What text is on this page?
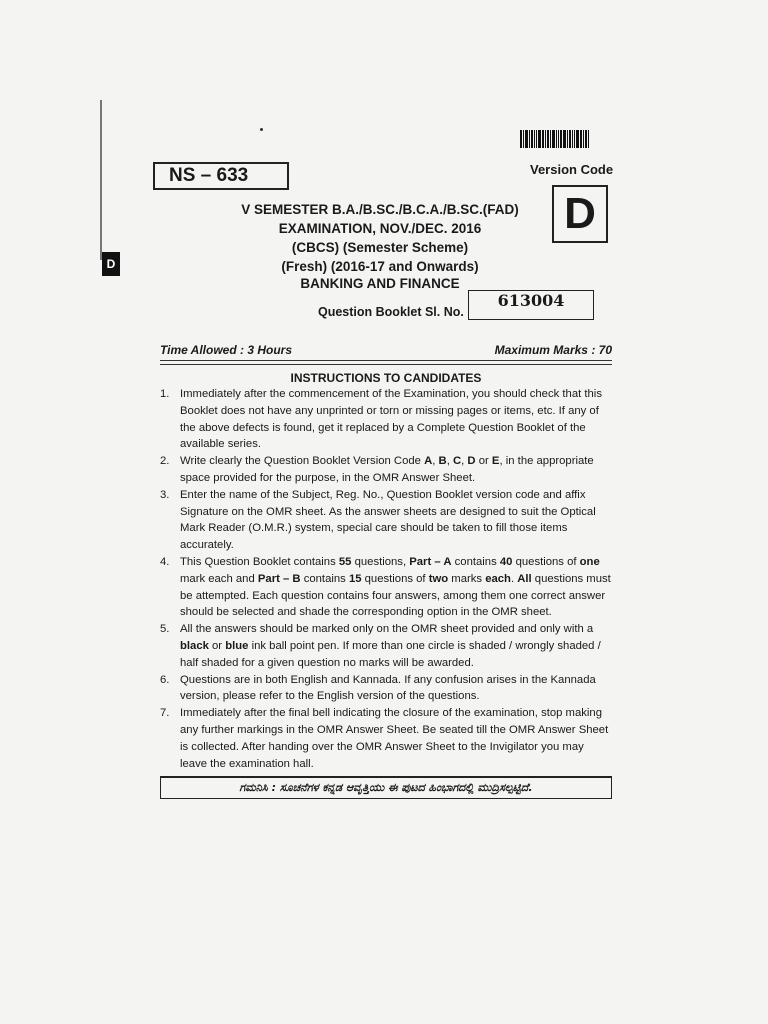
D
NS – 633	Version Code
D
V SEMESTER B.A./B.SC./B.C.A./B.SC.(FAD)
EXAMINATION, NOV./DEC. 2016
(CBCS) (Semester Scheme)
(Fresh) (2016-17 and Onwards)
BANKING AND FINANCE
Question Booklet Sl. No.
613004
Time Allowed : 3 Hours	Maximum Marks : 70
INSTRUCTIONS TO CANDIDATES
1. Immediately after the commencement of the Examination, you should check that this Booklet does not have any unprinted or torn or missing pages or items, etc. If any of the above defects is found, get it replaced by a Complete Question Booklet of the available series.
2. Write clearly the Question Booklet Version Code A, B, C, D or E, in the appropriate space provided for the purpose, in the OMR Answer Sheet.
3. Enter the name of the Subject, Reg. No., Question Booklet version code and affix Signature on the OMR sheet. As the answer sheets are designed to suit the Optical Mark Reader (O.M.R.) system, special care should be taken to fill those items accurately.
4. This Question Booklet contains 55 questions, Part – A contains 40 questions of one mark each and Part – B contains 15 questions of two marks each. All questions must be attempted. Each question contains four answers, among them one correct answer should be selected and shade the corresponding option in the OMR sheet.
5. All the answers should be marked only on the OMR sheet provided and only with a black or blue ink ball point pen. If more than one circle is shaded / wrongly shaded / half shaded for a given question no marks will be awarded.
6. Questions are in both English and Kannada. If any confusion arises in the Kannada version, please refer to the English version of the questions.
7. Immediately after the final bell indicating the closure of the examination, stop making any further markings in the OMR Answer Sheet. Be seated till the OMR Answer Sheet is collected. After handing over the OMR Answer Sheet to the Invigilator you may leave the examination hall.
ಗಮನಿಸಿ : ಸೂಚನೆಗಳ ಕನ್ನಡ ಆವೃತ್ತಿಯು ಈ ಪುಟದ ಹಿಂಭಾಗದಲ್ಲಿ ಮುದ್ರಿಸಲ್ಪಟ್ಟಿದೆ.
